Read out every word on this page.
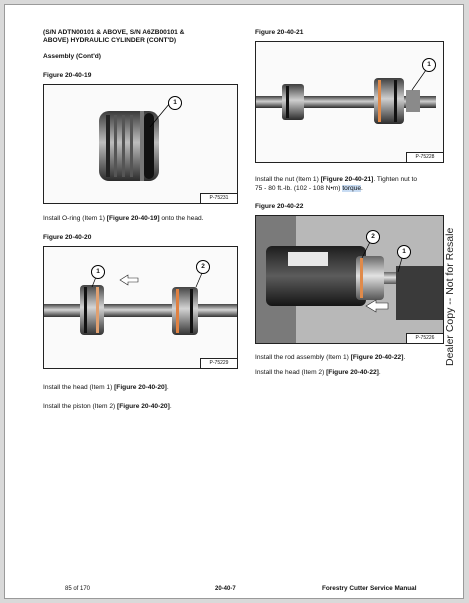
(S/N ADTN00101 & ABOVE, S/N A6ZB00101 &
ABOVE) HYDRAULIC CYLINDER (CONT'D)
Assembly (Cont'd)
Figure 20-40-19
1
P-75231
Install O-ring (Item 1) [Figure 20-40-19] onto the head.
Figure 20-40-20
1
2
P-75229
Install the head (Item 1) [Figure 20-40-20].
Install the piston (Item 2) [Figure 20-40-20].
Figure 20-40-21
1
P-75228
Install the nut (Item 1) [Figure 20-40-21]. Tighten nut to
75 - 80 ft.-lb. (102 - 108 N•m) torque.
Figure 20-40-22
2
1
P-75226
Install the rod assembly (Item 1) [Figure 20-40-22].
Install the head (Item 2) [Figure 20-40-22].
85 of 170	20-40-7	Forestry Cutter Service Manual
Dealer Copy -- Not for Resale
